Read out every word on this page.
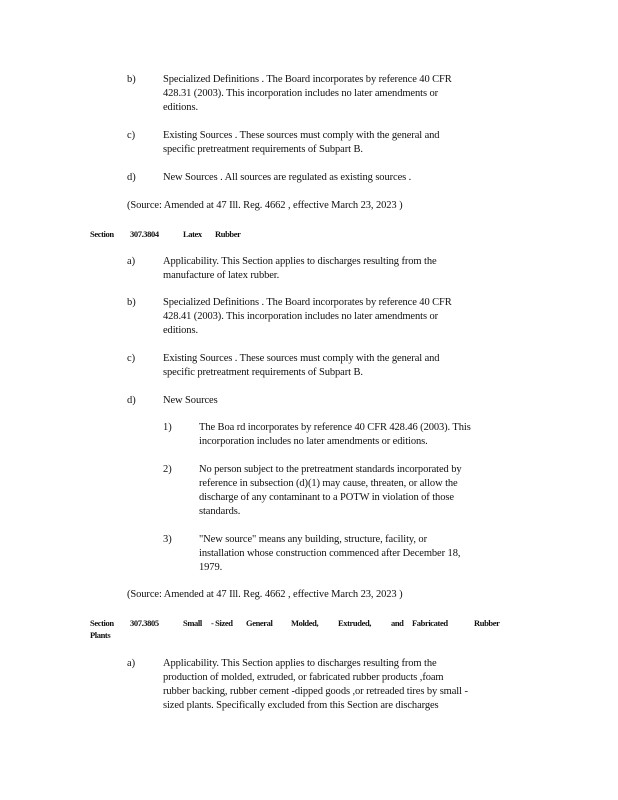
b)	Specialized Definitions . The Board incorporates by reference 40 CFR
428.31 (2003). This incorporation includes no later amendments or
editions.
c)	Existing Sources . These sources must comply with the general and
specific pretreatment requirements of Subpart B.
d)	New Sources . All sources are regulated as existing sources .
(Source: Amended at 47 Ill. Reg. 4662 , effective March 23, 2023 )
Section 307.3804	Latex Rubber
a)	Applicability. This Section applies to discharges resulting from the
manufacture of latex rubber.
b)	Specialized Definitions . The Board incorporates by reference 40 CFR
428.41 (2003). This incorporation includes no later amendments or
editions.
c)	Existing Sources . These sources must comply with the general and
specific pretreatment requirements of Subpart B.
d)	New Sources
1)	The Boa rd incorporates by reference 40 CFR 428.46 (2003). This
incorporation includes no later amendments or editions.
2)	No person subject to the pretreatment standards incorporated by
reference in subsection (d)(1) may cause, threaten, or allow the
discharge of any contaminant to a POTW in violation of those
standards.
3)	"New source" means any building, structure, facility, or
installation whose construction commenced after December 18,
1979.
(Source: Amended at 47 Ill. Reg. 4662 , effective March 23, 2023 )
Section 307.3805	Small - Sized General Molded, Extruded, and Fabricated	Rubber
Plants
a)	Applicability. This Section applies to discharges resulting from the
production of molded, extruded, or fabricated rubber products ,foam
rubber backing, rubber cement -dipped goods ,or retreaded tires by small -
sized plants. Specifically excluded from this Section are discharges
